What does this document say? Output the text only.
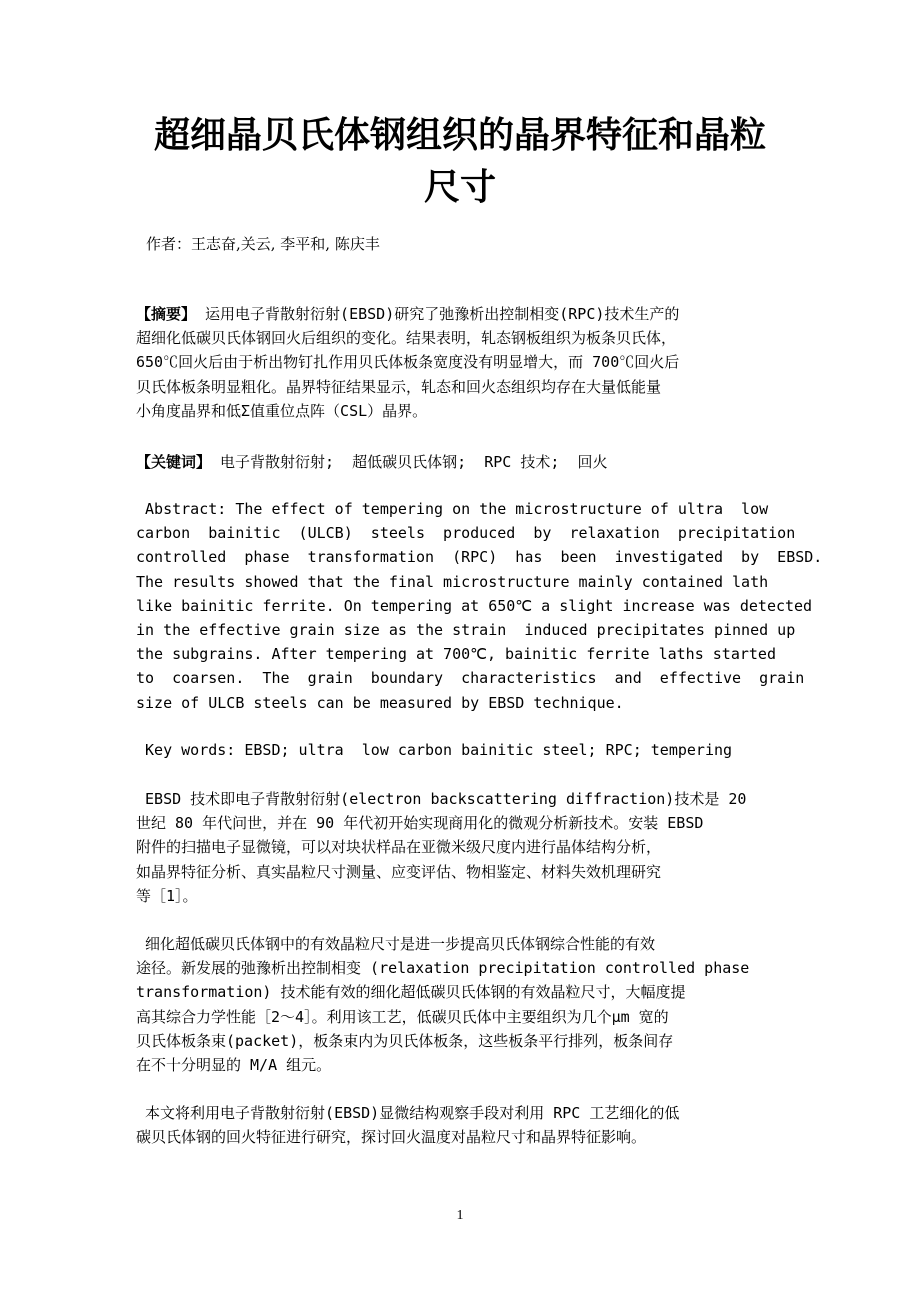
超细晶贝氏体钢组织的晶界特征和晶粒
尺寸
作者：王志奋,关云, 李平和, 陈庆丰
【摘要】 运用电子背散射衍射(EBSD)研究了弛豫析出控制相变(RPC)技术生产的
超细化低碳贝氏体钢回火后组织的变化。结果表明，轧态钢板组织为板条贝氏体，
650℃回火后由于析出物钉扎作用贝氏体板条宽度没有明显增大，而 700℃回火后
贝氏体板条明显粗化。晶界特征结果显示，轧态和回火态组织均存在大量低能量
小角度晶界和低Σ值重位点阵（CSL）晶界。
【关键词】 电子背散射衍射;  超低碳贝氏体钢;  RPC 技术;  回火
Abstract: The effect of tempering on the microstructure of ultra  low
carbon  bainitic  (ULCB)  steels  produced  by  relaxation  precipitation
controlled  phase  transformation  (RPC)  has  been  investigated  by  EBSD.
The results showed that the final microstructure mainly contained lath
like bainitic ferrite. On tempering at 650℃ a slight increase was detected
in the effective grain size as the strain  induced precipitates pinned up
the subgrains. After tempering at 700℃, bainitic ferrite laths started
to  coarsen.  The  grain  boundary  characteristics  and  effective  grain
size of ULCB steels can be measured by EBSD technique.
Key words: EBSD; ultra  low carbon bainitic steel; RPC; tempering
EBSD 技术即电子背散射衍射(electron backscattering diffraction)技术是 20
世纪 80 年代问世，并在 90 年代初开始实现商用化的微观分析新技术。安装 EBSD
附件的扫描电子显微镜，可以对块状样品在亚微米级尺度内进行晶体结构分析，
如晶界特征分析、真实晶粒尺寸测量、应变评估、物相鉴定、材料失效机理研究
等［1］。
细化超低碳贝氏体钢中的有效晶粒尺寸是进一步提高贝氏体钢综合性能的有效
途径。新发展的弛豫析出控制相变 (relaxation precipitation controlled phase
transformation) 技术能有效的细化超低碳贝氏体钢的有效晶粒尺寸，大幅度提
高其综合力学性能［2～4］。利用该工艺，低碳贝氏体中主要组织为几个μm 宽的
贝氏体板条束(packet)，板条束内为贝氏体板条，这些板条平行排列，板条间存
在不十分明显的 M/A 组元。
本文将利用电子背散射衍射(EBSD)显微结构观察手段对利用 RPC 工艺细化的低
碳贝氏体钢的回火特征进行研究，探讨回火温度对晶粒尺寸和晶界特征影响。
1
